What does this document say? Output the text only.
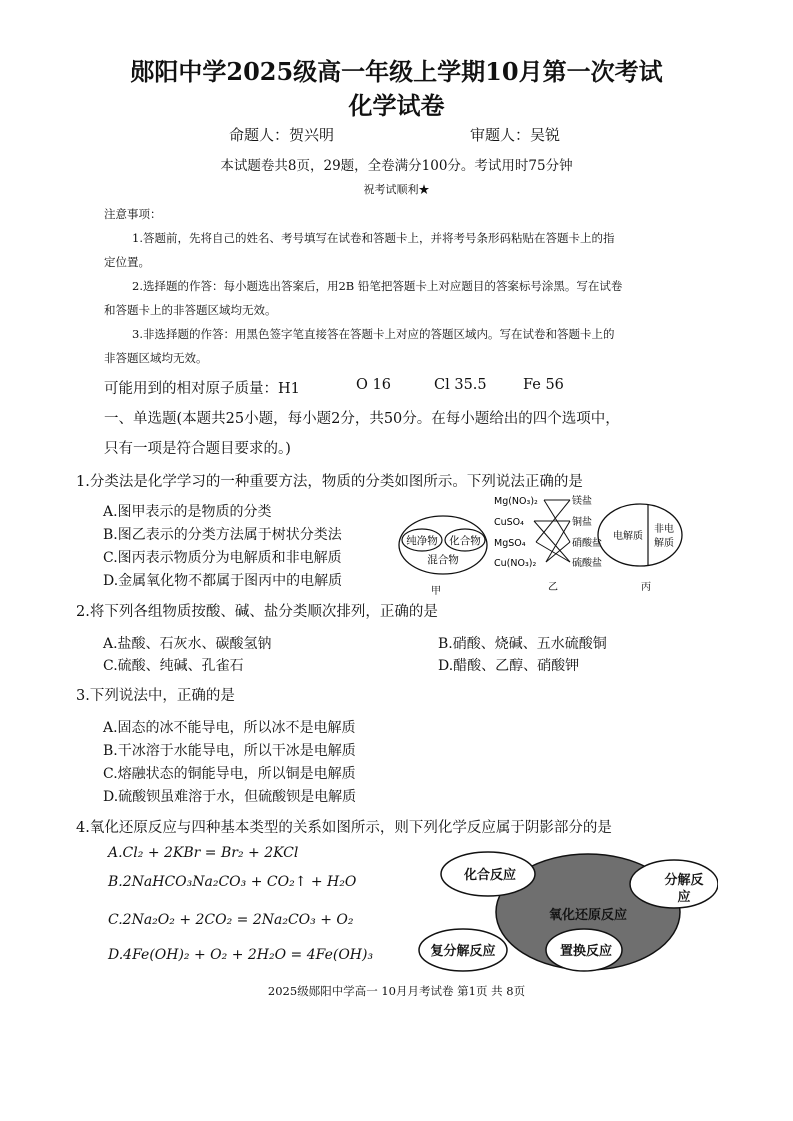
郧阳中学2025级高一年级上学期10月第一次考试
化学试卷
命题人：贺兴明	审题人：吴锐
本试题卷共8页，29题，全卷满分100分。考试用时75分钟
祝考试顺利★
注意事项：
1.答题前，先将自己的姓名、考号填写在试卷和答题卡上，并将考号条形码粘贴在答题卡上的指
定位置。
2.选择题的作答：每小题选出答案后，用2B 铅笔把答题卡上对应题目的答案标号涂黑。写在试卷
和答题卡上的非答题区域均无效。
3.非选择题的作答：用黑色签字笔直接答在答题卡上对应的答题区域内。写在试卷和答题卡上的
非答题区域均无效。
可能用到的相对原子质量：H1	O 16	Cl 35.5	Fe 56
一、单选题(本题共25小题，每小题2分，共50分。在每小题给出的四个选项中，
只有一项是符合题目要求的。)
1.分类法是化学学习的一种重要方法，物质的分类如图所示。下列说法正确的是
A.图甲表示的是物质的分类
B.图乙表示的分类方法属于树状分类法
C.图丙表示物质分为电解质和非电解质
D.金属氧化物不都属于图丙中的电解质
纯净物 化合物
混合物
甲
Mg(NO₃)₂
CuSO₄
MgSO₄
Cu(NO₃)₂
镁盐
铜盐
硝酸盐
硫酸盐
乙
电解质
非电
解质
丙
2.将下列各组物质按酸、碱、盐分类顺次排列，正确的是
A.盐酸、石灰水、碳酸氢钠	B.硝酸、烧碱、五水硫酸铜
C.硫酸、纯碱、孔雀石	D.醋酸、乙醇、硝酸钾
3.下列说法中，正确的是
A.固态的冰不能导电，所以冰不是电解质
B.干冰溶于水能导电，所以干冰是电解质
C.熔融状态的铜能导电，所以铜是电解质
D.硫酸钡虽难溶于水，但硫酸钡是电解质
4.氧化还原反应与四种基本类型的关系如图所示，则下列化学反应属于阴影部分的是
A.Cl₂ + 2KBr = Br₂ + 2KCl
B.2NaHCO₃Na₂CO₃ + CO₂↑ + H₂O
C.2Na₂O₂ + 2CO₂ = 2Na₂CO₃ + O₂
D.4Fe(OH)₂ + O₂ + 2H₂O = 4Fe(OH)₃
化合反应	分解反
应
氧化还原反应
复分解反应	置换反应
2025级郧阳中学高一 10月月考试卷 第1页 共 8页
